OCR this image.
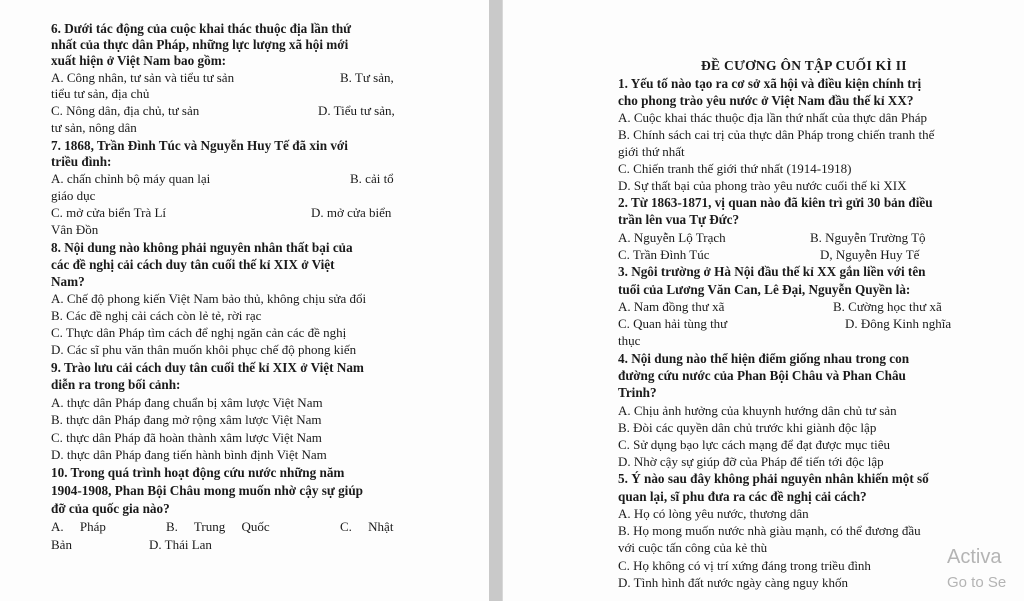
6. Dưới tác động của cuộc khai thác thuộc địa lần thứ
nhất của thực dân Pháp, những lực lượng xã hội mới
xuất hiện ở Việt Nam bao gồm:
A. Công nhân, tư sản và tiểu tư sản	B. Tư sản,
tiểu tư sản, địa chủ
C. Nông dân, địa chủ, tư sản	D. Tiểu tư sản,
tư sản, nông dân
7. 1868, Trần Đình Túc và Nguyễn Huy Tế đã xin với
triều đình:
A. chấn chỉnh bộ máy quan lại	B. cải tổ
giáo dục
C. mở cửa biển Trà Lí	D. mở cửa biển
Vân Đồn
8. Nội dung nào không phải nguyên nhân thất bại của
các đề nghị cải cách duy tân cuối thế kỉ XIX ở Việt
Nam?
A. Chế độ phong kiến Việt Nam bảo thủ, không chịu sửa đổi
B. Các đề nghị cải cách còn lẻ tẻ, rời rạc
C. Thực dân Pháp tìm cách để nghị ngăn cản các đề nghị
D. Các sĩ phu văn thân muốn khôi phục chế độ phong kiến
9. Trào lưu cải cách duy tân cuối thế kỉ XIX ở Việt Nam
diễn ra trong bối cảnh:
A. thực dân Pháp đang chuẩn bị xâm lược Việt Nam
B. thực dân Pháp đang mở rộng xâm lược Việt Nam
C. thực dân Pháp đã hoàn thành xâm lược Việt Nam
D. thực dân Pháp đang tiến hành bình định Việt Nam
10. Trong quá trình hoạt động cứu nước những năm
1904-1908, Phan Bội Châu mong muốn nhờ cậy sự giúp
đỡ của quốc gia nào?
A.     Pháp	B.     Trung     Quốc	C.     Nhật
Bản	D. Thái Lan
ĐỀ CƯƠNG ÔN TẬP CUỐI KÌ II
1. Yếu tố nào tạo ra cơ sở xã hội và điều kiện chính trị
cho phong trào yêu nước ở Việt Nam đầu thế kỉ XX?
A. Cuộc khai thác thuộc địa lần thứ nhất của thực dân Pháp
B. Chính sách cai trị của thực dân Pháp trong chiến tranh thế
giới thứ nhất
C. Chiến tranh thế giới thứ nhất (1914-1918)
D. Sự thất bại của phong trào yêu nước cuối thế kỉ XIX
2. Từ 1863-1871, vị quan nào đã kiên trì gửi 30 bản điều
trần lên vua Tự Đức?
A. Nguyễn Lộ Trạch	B. Nguyễn Trường Tộ
C. Trần Đình Túc	D, Nguyễn Huy Tế
3. Ngôi trường ở Hà Nội đầu thế kỉ XX gắn liền với tên
tuổi của Lương Văn Can, Lê Đại, Nguyễn Quyền là:
A. Nam đồng thư xã	B. Cường học thư xã
C. Quan hải tùng thư	D. Đông Kinh nghĩa
thục
4. Nội dung nào thể hiện điểm giống nhau trong con
đường cứu nước của Phan Bội Châu và Phan Châu
Trinh?
A. Chịu ảnh hưởng của khuynh hướng dân chủ tư sản
B. Đòi các quyền dân chủ trước khi giành độc lập
C. Sử dụng bạo lực cách mạng để đạt được mục tiêu
D. Nhờ cậy sự giúp đỡ của Pháp để tiến tới độc lập
5. Ý nào sau đây không phải nguyên nhân khiến một số
quan lại, sĩ phu đưa ra các đề nghị cải cách?
A. Họ có lòng yêu nước, thương dân
B. Họ mong muốn nước nhà giàu mạnh, có thể đương đầu
với cuộc tấn công của kẻ thù
C. Họ không có vị trí xứng đáng trong triều đình
D. Tình hình đất nước ngày càng nguy khốn
Activa
Go to Se
